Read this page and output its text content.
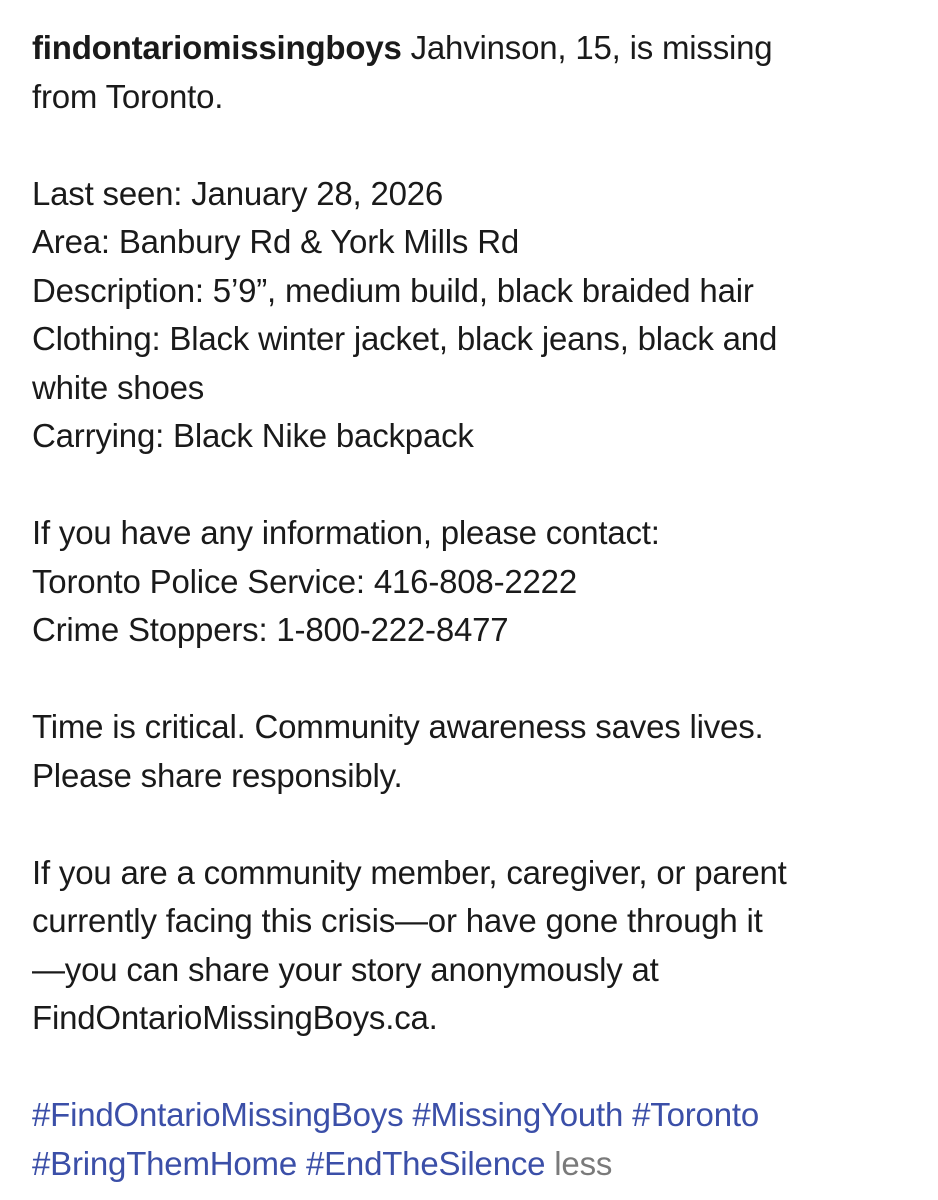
findontariomissingboys Jahvinson, 15, is missing
from Toronto.
Last seen: January 28, 2026
Area: Banbury Rd & York Mills Rd
Description: 5’9”, medium build, black braided hair
Clothing: Black winter jacket, black jeans, black and
white shoes
Carrying: Black Nike backpack
If you have any information, please contact:
Toronto Police Service: 416-808-2222
Crime Stoppers: 1-800-222-8477
Time is critical. Community awareness saves lives.
Please share responsibly.
If you are a community member, caregiver, or parent
currently facing this crisis—or have gone through it
—you can share your story anonymously at
FindOntarioMissingBoys.ca.
#FindOntarioMissingBoys #MissingYouth #Toronto
#BringThemHome #EndTheSilence less
